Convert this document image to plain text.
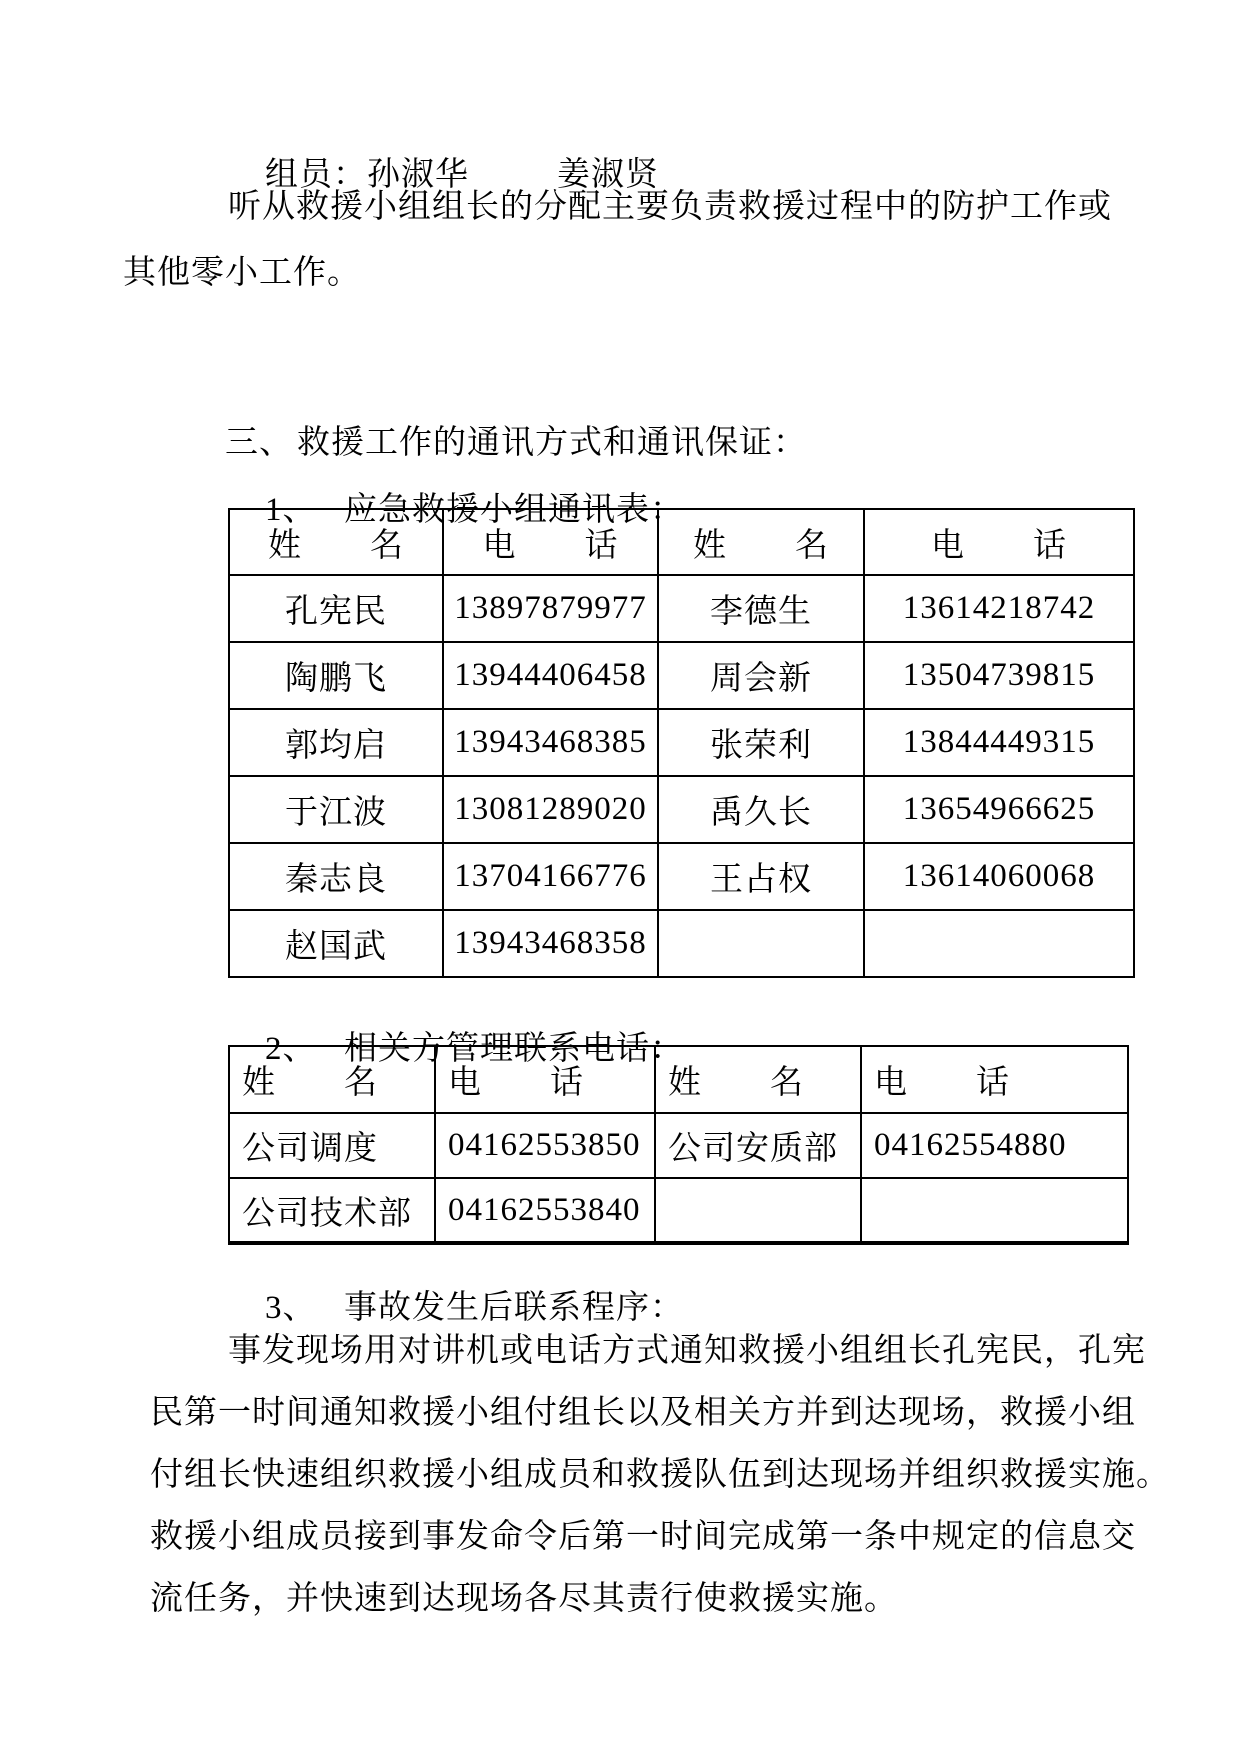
组员：孙淑华	姜淑贤

听从救援小组组长的分配主要负责救援过程中的防护工作或
其他零小工作。

三、 救援工作的通讯方式和通讯保证：

1、 应急救援小组通讯表：

姓　　名	电　　话	姓　　名	电　　话
孔宪民	13897879977	李德生	13614218742
陶鹏飞	13944406458	周会新	13504739815
郭均启	13943468385	张荣利	13844449315
于江波	13081289020	禹久长	13654966625
秦志良	13704166776	王占权	13614060068
赵国武	13943468358		

2、 相关方管理联系电话：

姓　　名	电　　话	姓　　名	电　　话
公司调度	04162553850	公司安质部	04162554880
公司技术部	04162553840		

3、 事故发生后联系程序：

事发现场用对讲机或电话方式通知救援小组组长孔宪民，孔宪
民第一时间通知救援小组付组长以及相关方并到达现场，救援小组
付组长快速组织救援小组成员和救援队伍到达现场并组织救援实施。
救援小组成员接到事发命令后第一时间完成第一条中规定的信息交
流任务，并快速到达现场各尽其责行使救援实施。
